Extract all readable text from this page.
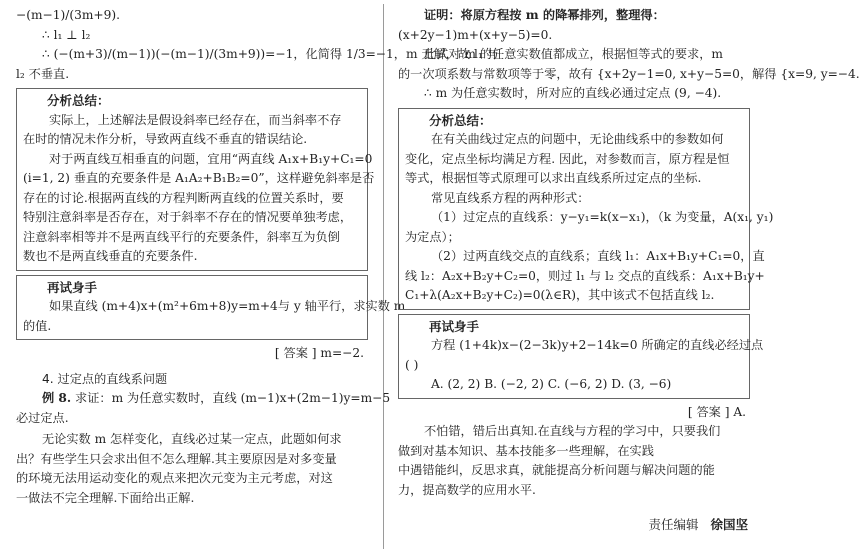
−(m−1)/(3m+9).
∴ l₁ ⊥ l₂
∴ (−(m+3)/(m−1))(−(m−1)/(3m+9))=−1，化简得 1/3=−1，m 无解，故 l₁ 与
l₂ 不垂直.
分析总结：
实际上，上述解法是假设斜率已经存在，而当斜率不存
在时的情况未作分析，导致两直线不垂直的错误结论.
对于两直线互相垂直的问题，宜用“两直线 A₁x+B₁y+C₁=0
(i=1, 2) 垂直的充要条件是 A₁A₂+B₁B₂=0”，这样避免斜率是否
存在的讨论.根据两直线的方程判断两直线的位置关系时，要
特别注意斜率是否存在，对于斜率不存在的情况要单独考虑，
注意斜率相等并不是两直线平行的充要条件，斜率互为负倒
数也不是两直线垂直的充要条件.
再试身手
如果直线 (m+4)x+(m²+6m+8)y=m+4与 y 轴平行，求实数 m
的值.
[ 答案 ] m=−2.
4. 过定点的直线系问题
例 8. 求证：m 为任意实数时，直线 (m−1)x+(2m−1)y=m−5
必过定点.
无论实数 m 怎样变化，直线必过某一定点，此题如何求
出？有些学生只会求出但不怎么理解.其主要原因是对多变量
的环境无法用运动变化的观点来把次元变为主元考虑，对这
一做法不完全理解.下面给出正解.
证明：将原方程按 m 的降幂排列，整理得：
(x+2y−1)m+(x+y−5)=0.
此式对 m 的任意实数值都成立，根据恒等式的要求，m
的一次项系数与常数项等于零，故有 {x+2y−1=0, x+y−5=0，解得 {x=9, y=−4.
∴ m 为任意实数时，所对应的直线必通过定点 (9, −4).
分析总结：
在有关曲线过定点的问题中，无论曲线系中的参数如何
变化，定点坐标均满足方程. 因此，对参数而言，原方程是恒
等式，根据恒等式原理可以求出直线系所过定点的坐标.
常见直线系方程的两种形式：
（1）过定点的直线系：y−y₁=k(x−x₁)，（k 为变量，A(x₁, y₁)
为定点）；
（2）过两直线交点的直线系；直线 l₁：A₁x+B₁y+C₁=0，直
线 l₂：A₂x+B₂y+C₂=0，则过 l₁ 与 l₂ 交点的直线系：A₁x+B₁y+
C₁+λ(A₂x+B₂y+C₂)=0(λ∈R)，其中该式不包括直线 l₂.
再试身手
方程 (1+4k)x−(2−3k)y+2−14k=0 所确定的直线必经过点
( )
A. (2, 2) B. (−2, 2) C. (−6, 2) D. (3, −6)
[ 答案 ] A.
不怕错，错后出真知.在直线与方程的学习中，只要我们
做到对基本知识、基本技能多一些理解，在实践
中遇错能纠，反思求真，就能提高分析问题与解决问题的能
力，提高数学的应用水平.
责任编辑 徐国坚
